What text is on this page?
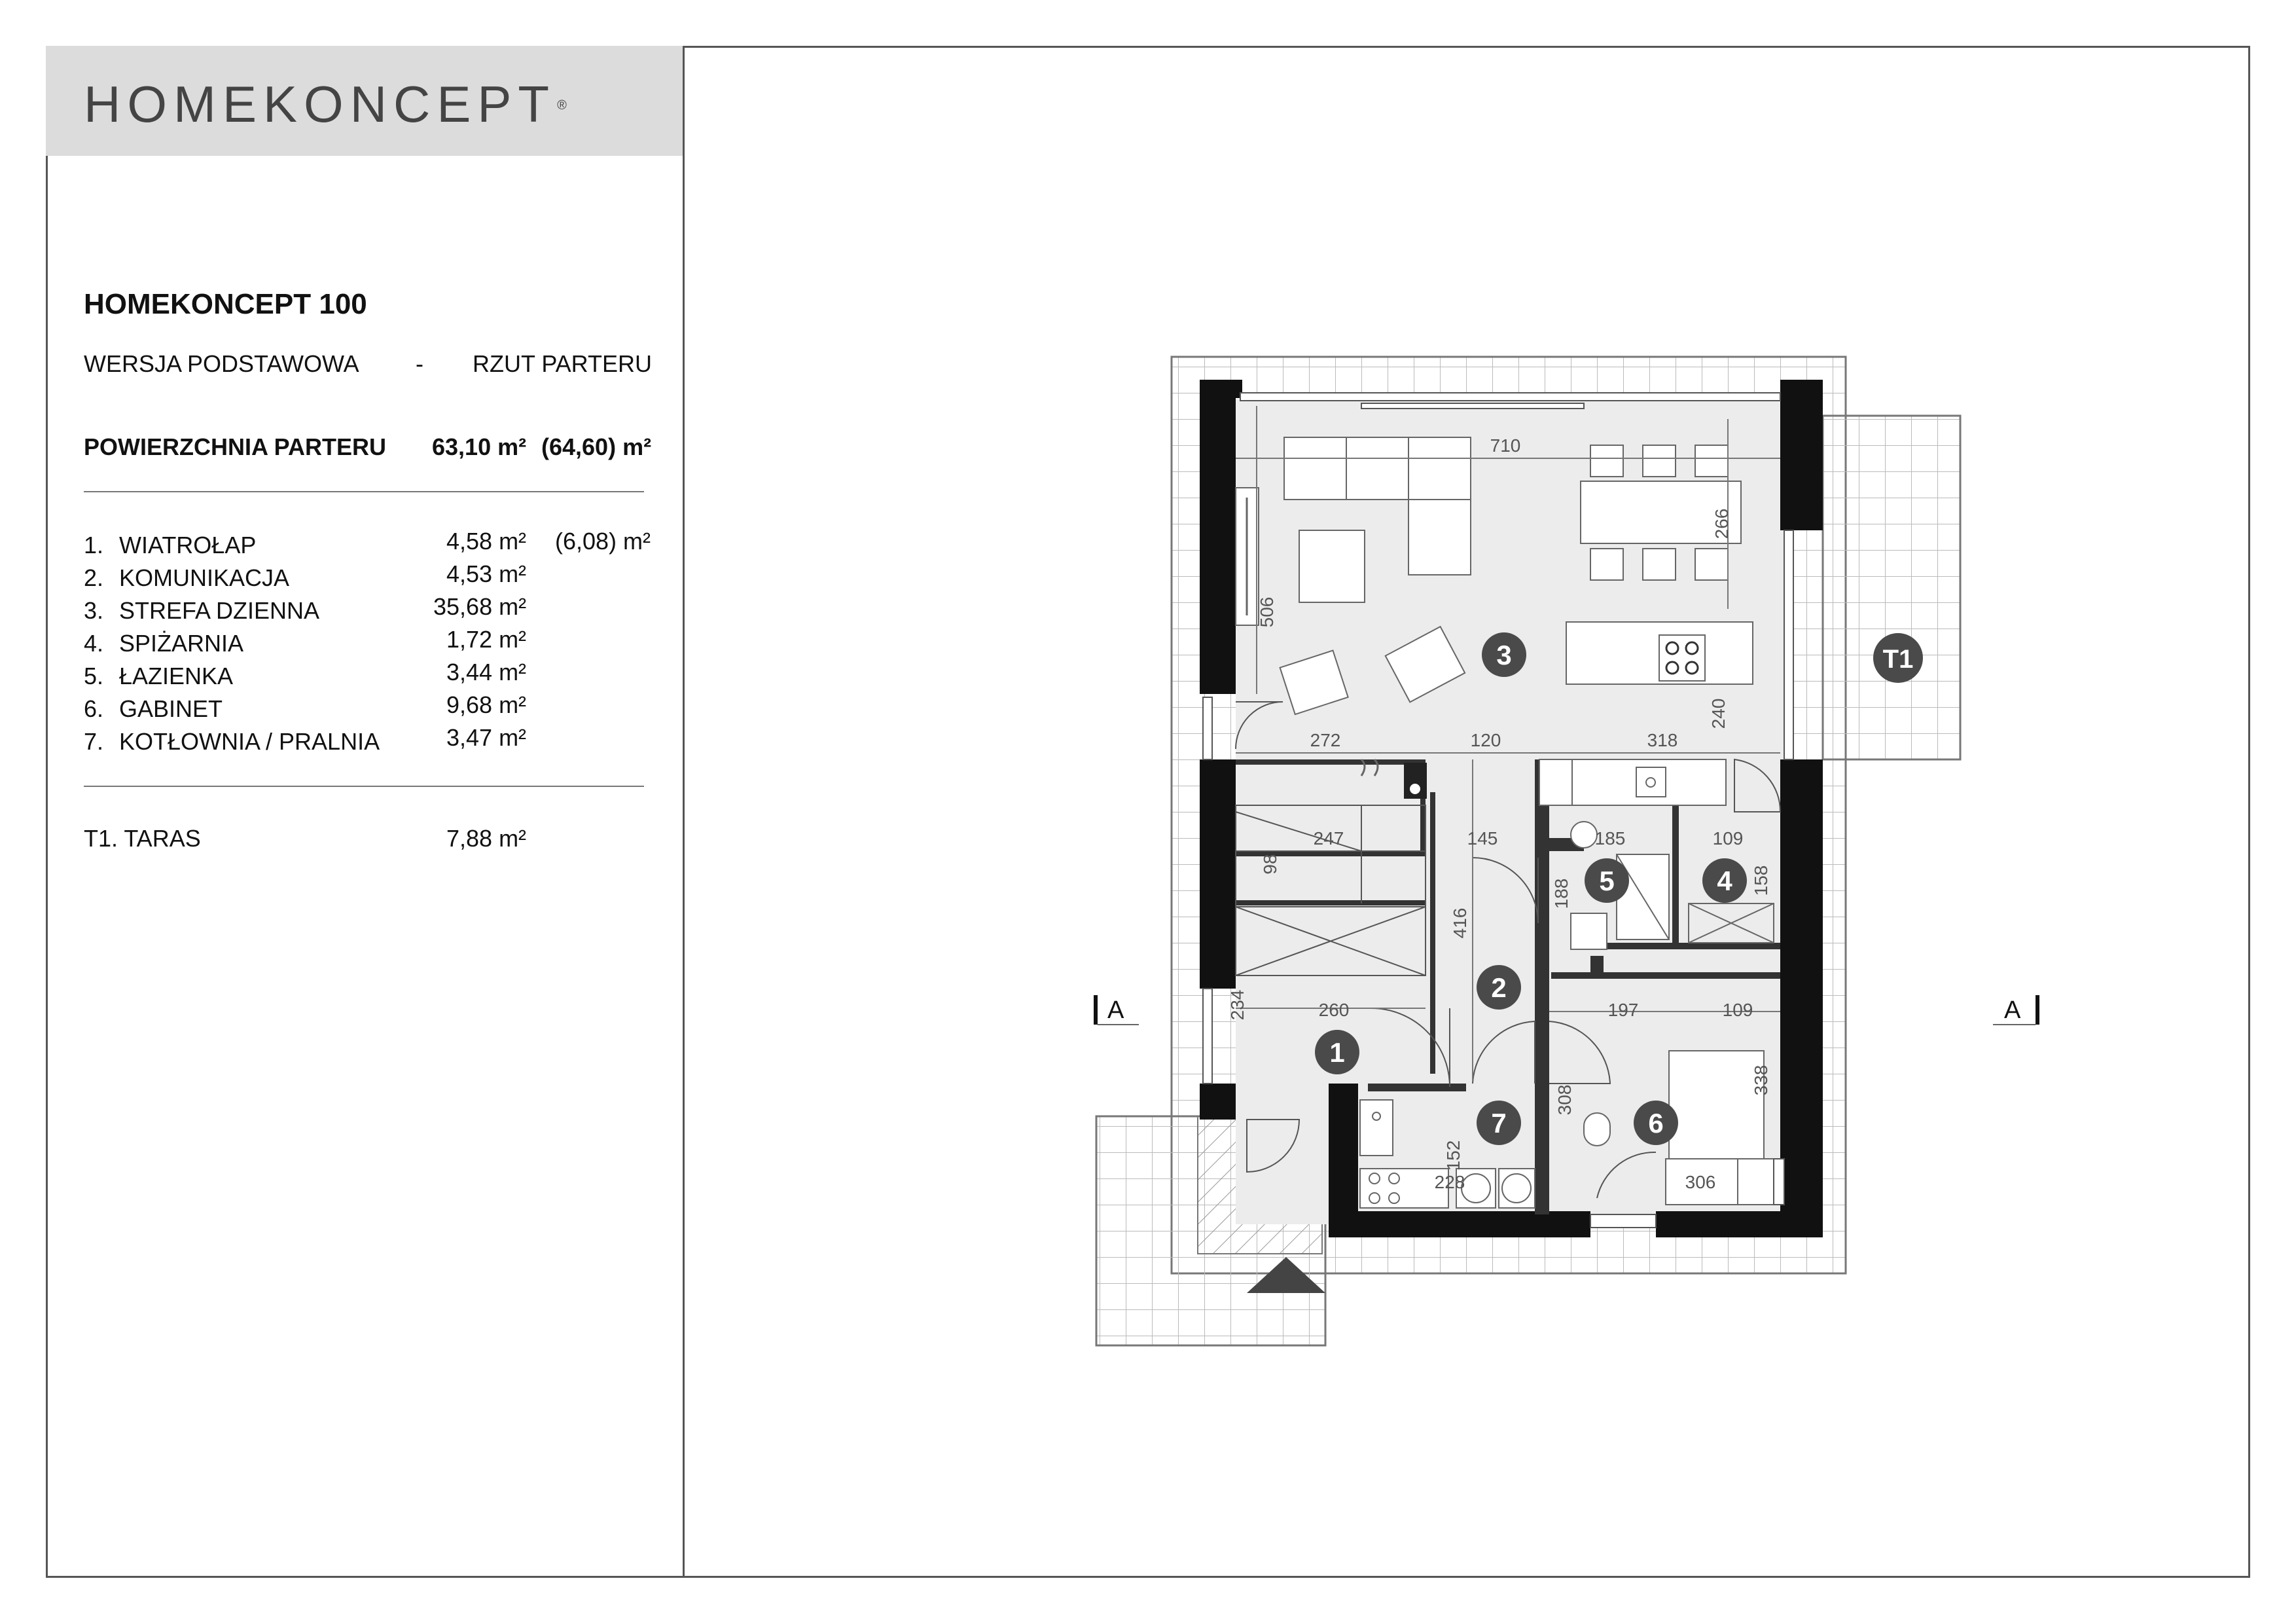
HOMEKONCEPT ®
HOMEKONCEPT 100
WERSJA PODSTAWOWA - RZUT PARTERU
POWIERZCHNIA PARTERU 63,10 m² (64,60) m²
1. WIATROŁAP	4,58 m² (6,08) m²
2. KOMUNIKACJA	4,53 m²
3. STREFA DZIENNA	35,68 m²
4. SPIŻARNIA	1,72 m²
5. ŁAZIENKA	3,44 m²
6. GABINET	9,68 m²
7. KOTŁOWNIA / PRALNIA	3,47 m²
T1. TARAS	7,88 m²
710
266
506
240
272	120	318
247
98
145	185	109
188	158
416
234	260	197	109
338
308
152
228	306
1
2
3
4
5
6
7
T1
A	A
